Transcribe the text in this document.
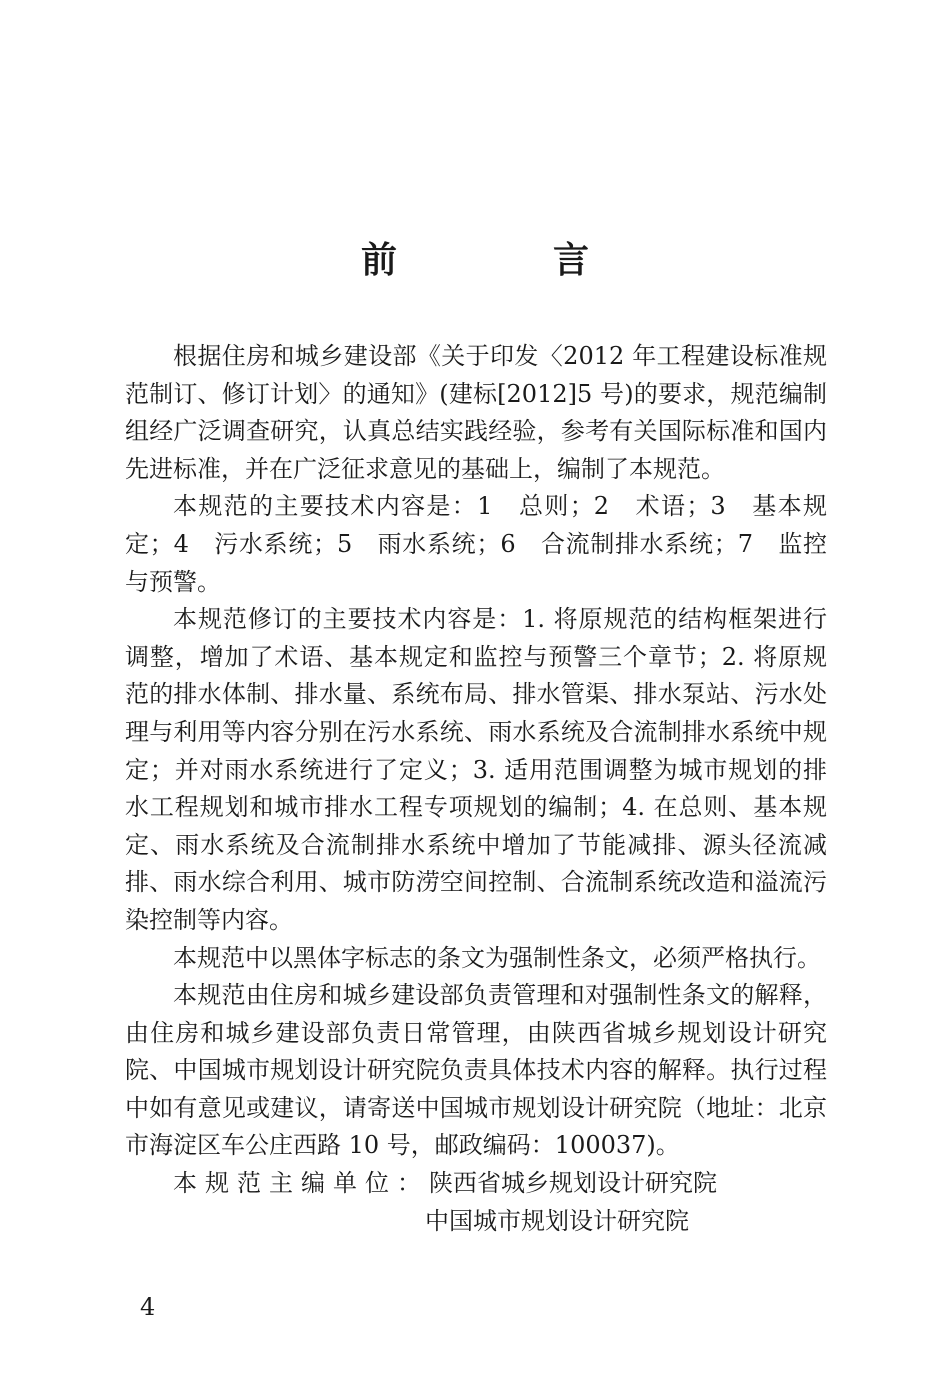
前　言

根据住房和城乡建设部《关于印发〈2012 年工程建设标准规范制订、修订计划〉的通知》(建标[2012]5 号)的要求，规范编制组经广泛调查研究，认真总结实践经验，参考有关国际标准和国内先进标准，并在广泛征求意见的基础上，编制了本规范。

本规范的主要技术内容是：1　总则；2　术语；3　基本规定；4　污水系统；5　雨水系统；6　合流制排水系统；7　监控与预警。

本规范修订的主要技术内容是：1. 将原规范的结构框架进行调整，增加了术语、基本规定和监控与预警三个章节；2. 将原规范的排水体制、排水量、系统布局、排水管渠、排水泵站、污水处理与利用等内容分别在污水系统、雨水系统及合流制排水系统中规定；并对雨水系统进行了定义；3. 适用范围调整为城市规划的排水工程规划和城市排水工程专项规划的编制；4. 在总则、基本规定、雨水系统及合流制排水系统中增加了节能减排、源头径流减排、雨水综合利用、城市防涝空间控制、合流制系统改造和溢流污染控制等内容。

本规范中以黑体字标志的条文为强制性条文，必须严格执行。

本规范由住房和城乡建设部负责管理和对强制性条文的解释，由住房和城乡建设部负责日常管理，由陕西省城乡规划设计研究院、中国城市规划设计研究院负责具体技术内容的解释。执行过程中如有意见或建议，请寄送中国城市规划设计研究院（地址：北京市海淀区车公庄西路 10 号，邮政编码：100037)。

本规范主编单位：陕西省城乡规划设计研究院
中国城市规划设计研究院
4
